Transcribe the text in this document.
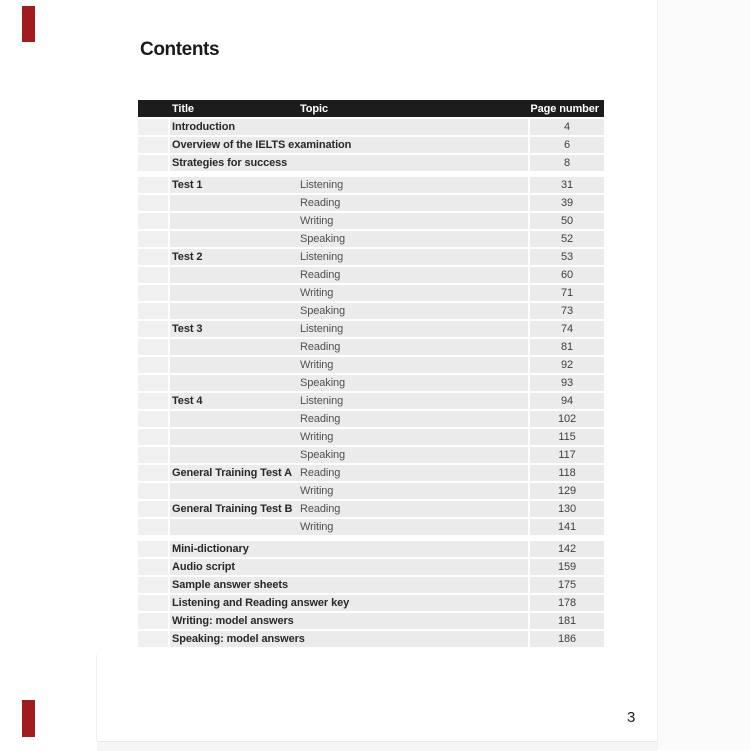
Contents
Title	Topic	Page number
Introduction	4
Overview of the IELTS examination	6
Strategies for success	8
Test 1	Listening	31
Reading	39
Writing	50
Speaking	52
Test 2	Listening	53
Reading	60
Writing	71
Speaking	73
Test 3	Listening	74
Reading	81
Writing	92
Speaking	93
Test 4	Listening	94
Reading	102
Writing	115
Speaking	117
General Training Test A Reading	118
Writing	129
General Training Test B Reading	130
Writing	141
Mini-dictionary	142
Audio script	159
Sample answer sheets	175
Listening and Reading answer key	178
Writing: model answers	181
Speaking: model answers	186
3
